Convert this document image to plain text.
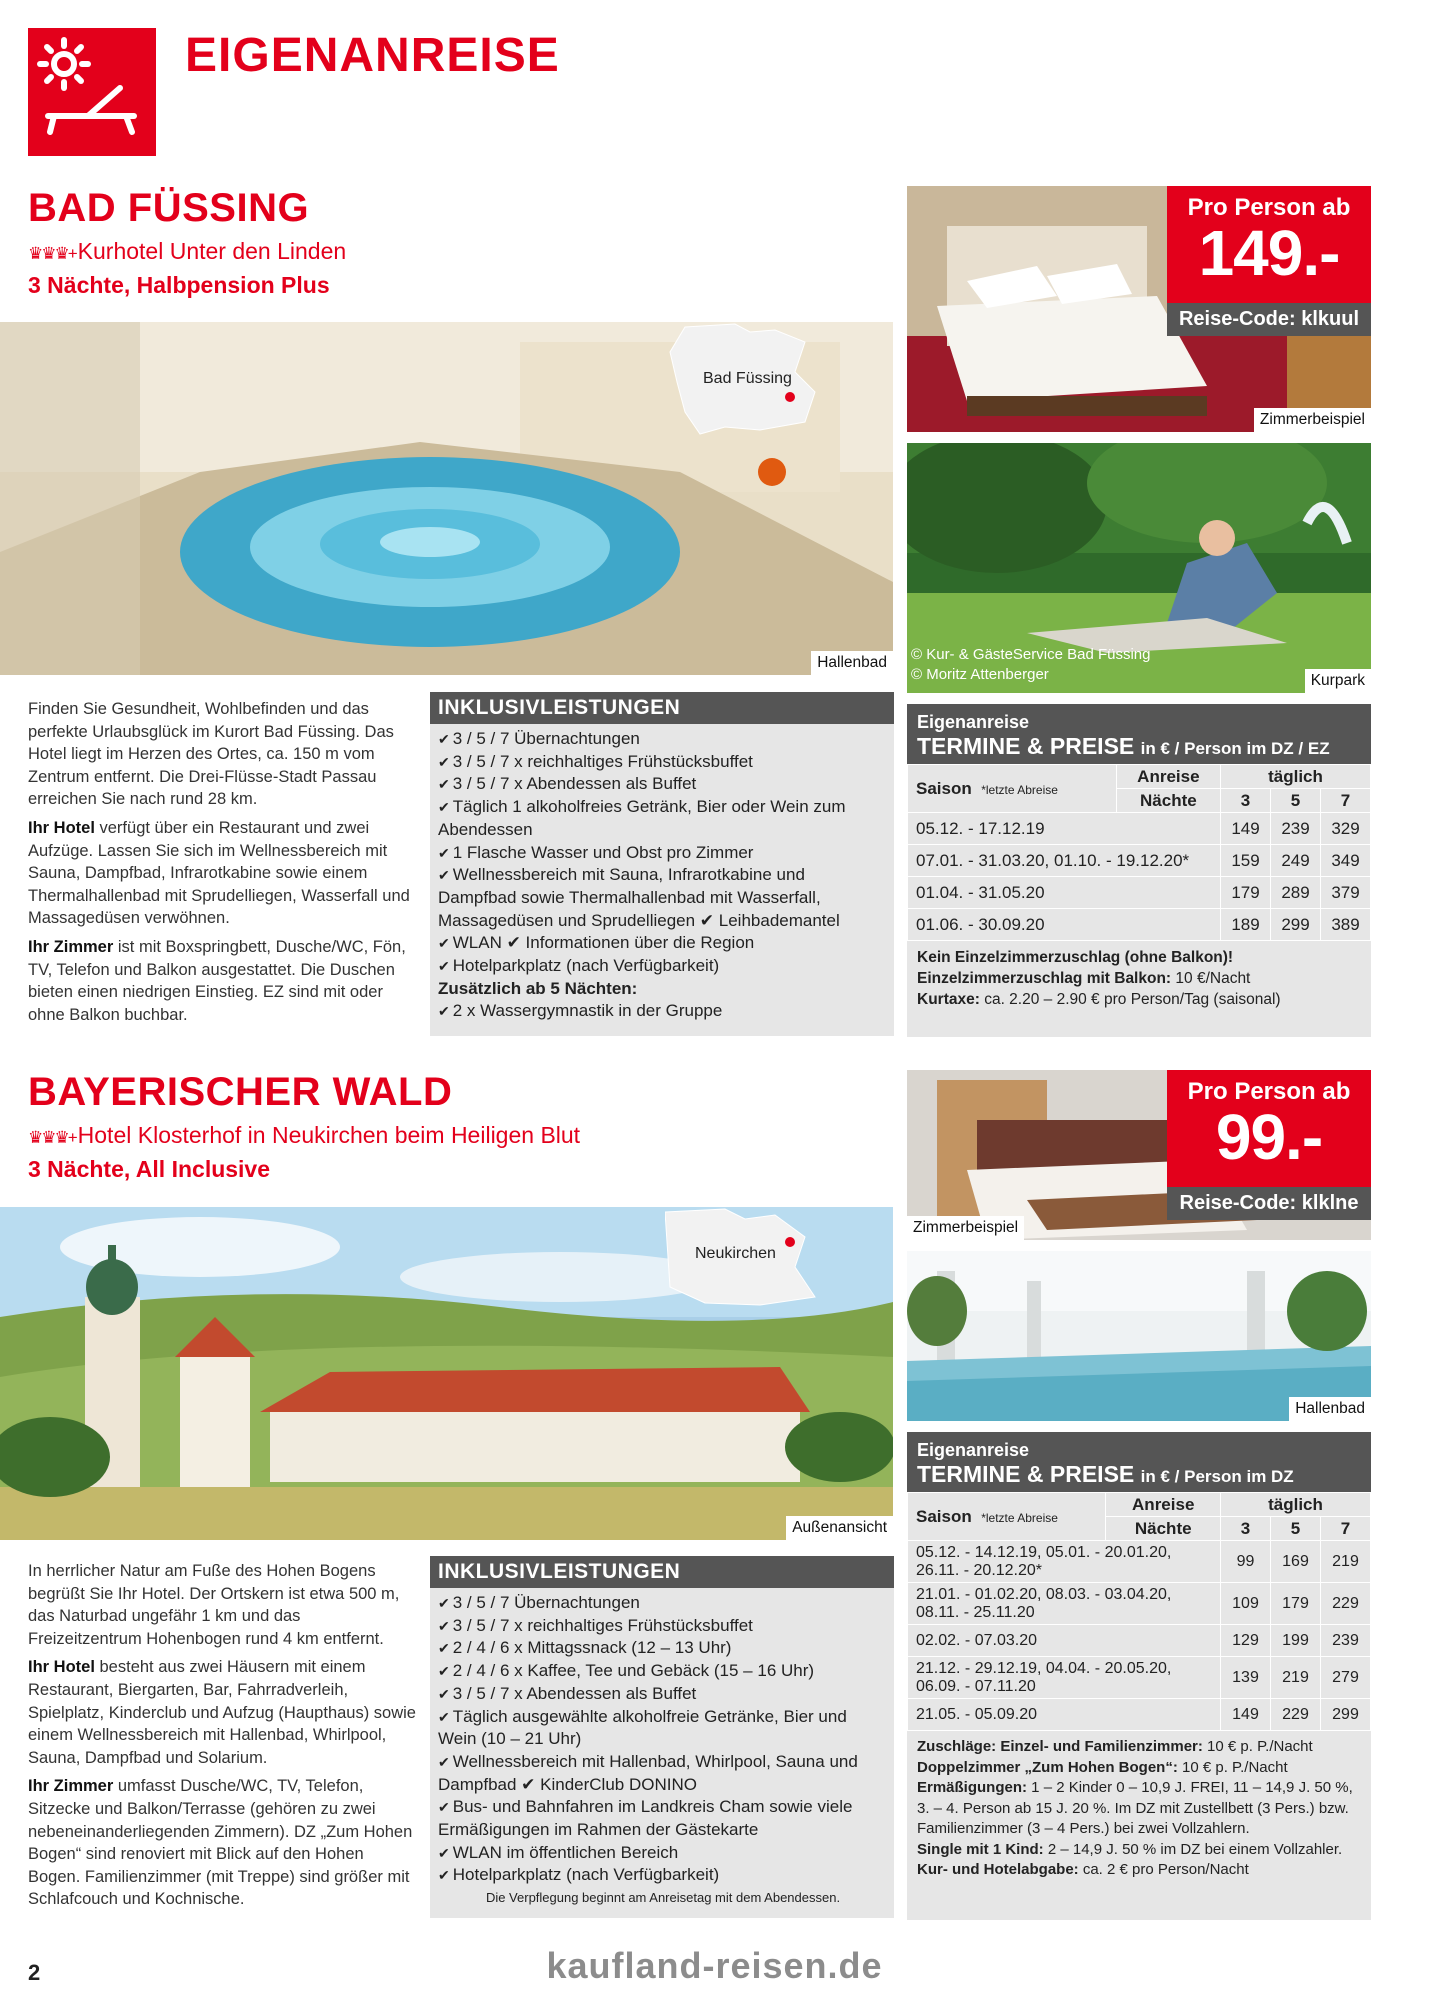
EIGENANREISE
BAD FÜSSING
♛♛♛+Kurhotel Unter den Linden
3 Nächte, Halbpension Plus
Bad Füssing
Hallenbad
Zimmerbeispiel
Pro Person ab
149.-
Reise-Code: klkuul
© Kur- & GästeService Bad Füssing
© Moritz Attenberger	Kurpark

Finden Sie Gesundheit, Wohlbefinden und das perfekte Urlaubsglück im Kurort Bad Füssing. Das Hotel liegt im Herzen des Ortes, ca. 150 m vom Zentrum entfernt. Die Drei-Flüsse-Stadt Passau erreichen Sie nach rund 28 km.

Ihr Hotel verfügt über ein Restaurant und zwei Aufzüge. Lassen Sie sich im Wellnessbereich mit Sauna, Dampfbad, Infrarotkabine sowie einem Thermalhallenbad mit Sprudelliegen, Wasserfall und Massagedüsen verwöhnen.

Ihr Zimmer ist mit Boxspringbett, Dusche/WC, Fön, TV, Telefon und Balkon ausgestattet. Die Duschen bieten einen niedrigen Einstieg. EZ sind mit oder ohne Balkon buchbar.

INKLUSIVLEISTUNGEN
✔ 3 / 5 / 7 Übernachtungen
✔ 3 / 5 / 7 x reichhaltiges Frühstücksbuffet
✔ 3 / 5 / 7 x Abendessen als Buffet
✔ Täglich 1 alkoholfreies Getränk, Bier oder Wein zum Abendessen
✔ 1 Flasche Wasser und Obst pro Zimmer
✔ Wellnessbereich mit Sauna, Infrarotkabine und Dampfbad sowie Thermalhallenbad mit Wasserfall, Massagedüsen und Sprudelliegen ✔ Leihbademantel
✔ WLAN ✔ Informationen über die Region
✔ Hotelparkplatz (nach Verfügbarkeit)
Zusätzlich ab 5 Nächten:
✔ 2 x Wassergymnastik in der Gruppe
Eigenanreise
TERMINE & PREISE in € / Person im DZ / EZ
Saison *letzte Abreise	Anreise	täglich		
	Nächte	3	5	7
05.12. - 17.12.19		149	239	329
07.01. - 31.03.20, 01.10. - 19.12.20*		159	249	349
01.04. - 31.05.20		179	289	379
01.06. - 30.09.20		189	299	389
Kein Einzelzimmerzuschlag (ohne Balkon)!
Einzelzimmerzuschlag mit Balkon: 10 €/Nacht
Kurtaxe: ca. 2.20 – 2.90 € pro Person/Tag (saisonal)
BAYERISCHER WALD
♛♛♛+Hotel Klosterhof in Neukirchen beim Heiligen Blut
3 Nächte, All Inclusive
Neukirchen
Außenansicht
Zimmerbeispiel
Pro Person ab
99.-
Reise-Code: klklne
Hallenbad

In herrlicher Natur am Fuße des Hohen Bogens begrüßt Sie Ihr Hotel. Der Ortskern ist etwa 500 m, das Naturbad ungefähr 1 km und das Freizeitzentrum Hohenbogen rund 4 km entfernt.

Ihr Hotel besteht aus zwei Häusern mit einem Restaurant, Biergarten, Bar, Fahrradverleih, Spielplatz, Kinderclub und Aufzug (Haupthaus) sowie einem Wellnessbereich mit Hallenbad, Whirlpool, Sauna, Dampfbad und Solarium.

Ihr Zimmer umfasst Dusche/WC, TV, Telefon, Sitzecke und Balkon/Terrasse (gehören zu zwei nebeneinanderliegenden Zimmern). DZ „Zum Hohen Bogen“ sind renoviert mit Blick auf den Hohen Bogen. Familienzimmer (mit Treppe) sind größer mit Schlafcouch und Kochnische.

INKLUSIVLEISTUNGEN
✔ 3 / 5 / 7 Übernachtungen
✔ 3 / 5 / 7 x reichhaltiges Frühstücksbuffet
✔ 2 / 4 / 6 x Mittagssnack (12 – 13 Uhr)
✔ 2 / 4 / 6 x Kaffee, Tee und Gebäck (15 – 16 Uhr)
✔ 3 / 5 / 7 x Abendessen als Buffet
✔ Täglich ausgewählte alkoholfreie Getränke, Bier und Wein (10 – 21 Uhr)
✔ Wellnessbereich mit Hallenbad, Whirlpool, Sauna und Dampfbad ✔ KinderClub DONINO
✔ Bus- und Bahnfahren im Landkreis Cham sowie viele Ermäßigungen im Rahmen der Gästekarte
✔ WLAN im öffentlichen Bereich
✔ Hotelparkplatz (nach Verfügbarkeit)
Die Verpflegung beginnt am Anreisetag mit dem Abendessen.
Eigenanreise
TERMINE & PREISE in € / Person im DZ
Saison *letzte Abreise	Anreise	täglich		
	Nächte	3	5	7
05.12. - 14.12.19, 05.01. - 20.01.20, 26.11. - 20.12.20*		99	169	219
21.01. - 01.02.20, 08.03. - 03.04.20, 08.11. - 25.11.20		109	179	229
02.02. - 07.03.20		129	199	239
21.12. - 29.12.19, 04.04. - 20.05.20, 06.09. - 07.11.20		139	219	279
21.05. - 05.09.20		149	229	299
Zuschläge: Einzel- und Familienzimmer: 10 € p. P./Nacht
Doppelzimmer „Zum Hohen Bogen“: 10 € p. P./Nacht
Ermäßigungen: 1 – 2 Kinder 0 – 10,9 J. FREI, 11 – 14,9 J. 50 %, 3. – 4. Person ab 15 J. 20 %. Im DZ mit Zustellbett (3 Pers.) bzw. Familienzimmer (3 – 4 Pers.) bei zwei Vollzahlern.
Single mit 1 Kind: 2 – 14,9 J. 50 % im DZ bei einem Vollzahler.
Kur- und Hotelabgabe: ca. 2 € pro Person/Nacht
2	kaufland-reisen.de
